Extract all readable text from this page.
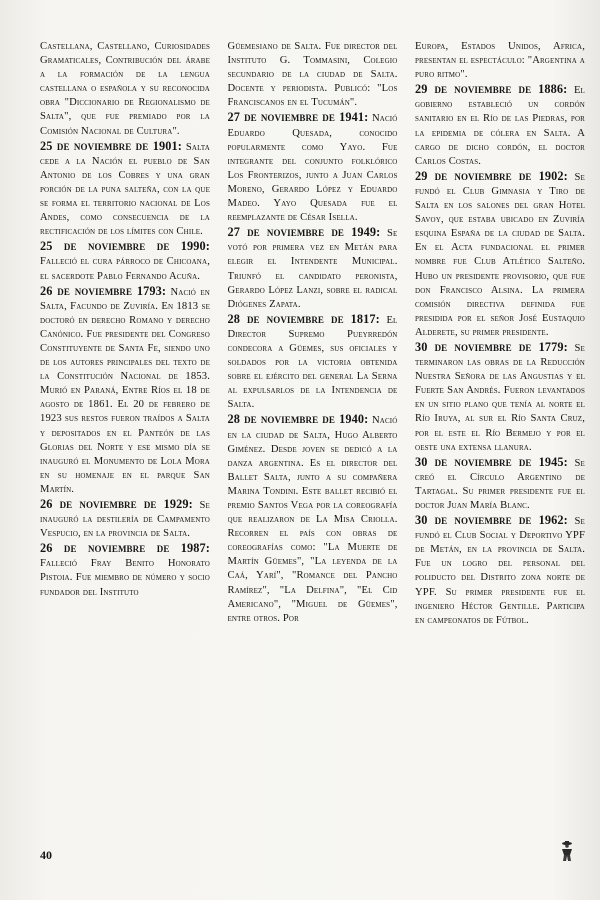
Castellana, Castellano, Curiosidades Gramaticales, Contribución del árabe a la formación de la lengua castellana o española y su reconocida obra "Diccionario de Regionalismo de Salta", que fue premiado por la Comisión Nacional de Cultura".

25 de noviembre de 1901: Salta cede a la Nación el pueblo de San Antonio de los Cobres y una gran porción de la puna salteña, con la que se forma el territorio nacional de Los Andes, como consecuencia de la rectificación de los límites con Chile.

25 de noviembre de 1990: Falleció el cura párroco de Chicoana, el sacerdote Pablo Fernando Acuña.

26 de noviembre 1793: Nació en Salta, Facundo de Zuviría. En 1813 se doctoró en derecho Romano y derecho Canónico. Fue presidente del Congreso Constituyente de Santa Fe, siendo uno de los autores principales del texto de la Constitución Nacional de 1853. Murió en Paraná, Entre Ríos el 18 de agosto de 1861. El 20 de febrero de 1923 sus restos fueron traídos a Salta y depositados en el Panteón de las Glorias del Norte y ese mismo día se inauguró el Monumento de Lola Mora en su homenaje en el parque San Martín.

26 de noviembre de 1929: Se inauguró la destilería de Campamento Vespucio, en la provincia de Salta.

26 de noviembre de 1987: Falleció Fray Benito Honorato Pistoia. Fue miembro de número y socio fundador del Instituto

Güemesiano de Salta. Fue director del Instituto G. Tommasini, Colegio secundario de la ciudad de Salta. Docente y periodista. Publicó: "Los Franciscanos en el Tucumán".

27 de noviembre de 1941: Nació Eduardo Quesada, conocido popularmente como Yayo. Fue integrante del conjunto folklórico Los Fronterizos, junto a Juan Carlos Moreno, Gerardo López y Eduardo Madeo. Yayo Quesada fue el reemplazante de César Isella.

27 de noviembre de 1949: Se votó por primera vez en Metán para elegir el Intendente Municipal. Triunfó el candidato peronista, Gerardo López Lanzi, sobre el radical Diógenes Zapata.

28 de noviembre de 1817: El Director Supremo Pueyrredón condecora a Güemes, sus oficiales y soldados por la victoria obtenida sobre el ejército del general La Serna al expulsarlos de la Intendencia de Salta.

28 de noviembre de 1940: Nació en la ciudad de Salta, Hugo Alberto Giménez. Desde joven se dedicó a la danza argentina. Es el director del Ballet Salta, junto a su compañera Marina Tondini. Este ballet recibió el premio Santos Vega por la coreografía que realizaron de La Misa Criolla. Recorren el país con obras de coreografías como: "La Muerte de Martín Güemes", "La leyenda de la Caá, Yarí", "Romance del Pancho Ramírez", "La Delfina", "El Cid Americano", "Miguel de Güemes", entre otros. Por

Europa, Estados Unidos, Africa, presentan el espectáculo: "Argentina a puro ritmo".

29 de noviembre de 1886: El gobierno estableció un cordón sanitario en el Río de las Piedras, por la epidemia de cólera en Salta. A cargo de dicho cordón, el doctor Carlos Costas.

29 de noviembre de 1902: Se fundó el Club Gimnasia y Tiro de Salta en los salones del gran Hotel Savoy, que estaba ubicado en Zuviría esquina España de la ciudad de Salta. En el Acta fundacional el primer nombre fue Club Atlético Salteño. Hubo un presidente provisorio, que fue don Francisco Alsina. La primera comisión directiva definida fue presidida por el señor José Eustaquio Alderete, su primer presidente.

30 de noviembre de 1779: Se terminaron las obras de la Reducción Nuestra Señora de las Angustias y el Fuerte San Andrés. Fueron levantados en un sitio plano que tenía al norte el Río Iruya, al sur el Río Santa Cruz, por el este el Río Bermejo y por el oeste una extensa llanura.

30 de noviembre de 1945: Se creó el Círculo Argentino de Tartagal. Su primer presidente fue el doctor Juan María Blanc.

30 de noviembre de 1962: Se fundó el Club Social y Deportivo YPF de Metán, en la provincia de Salta. Fue un logro del personal del poliducto del Distrito zona norte de YPF. Su primer presidente fue el ingeniero Héctor Gentille. Participa en campeonatos de Fútbol.

40
